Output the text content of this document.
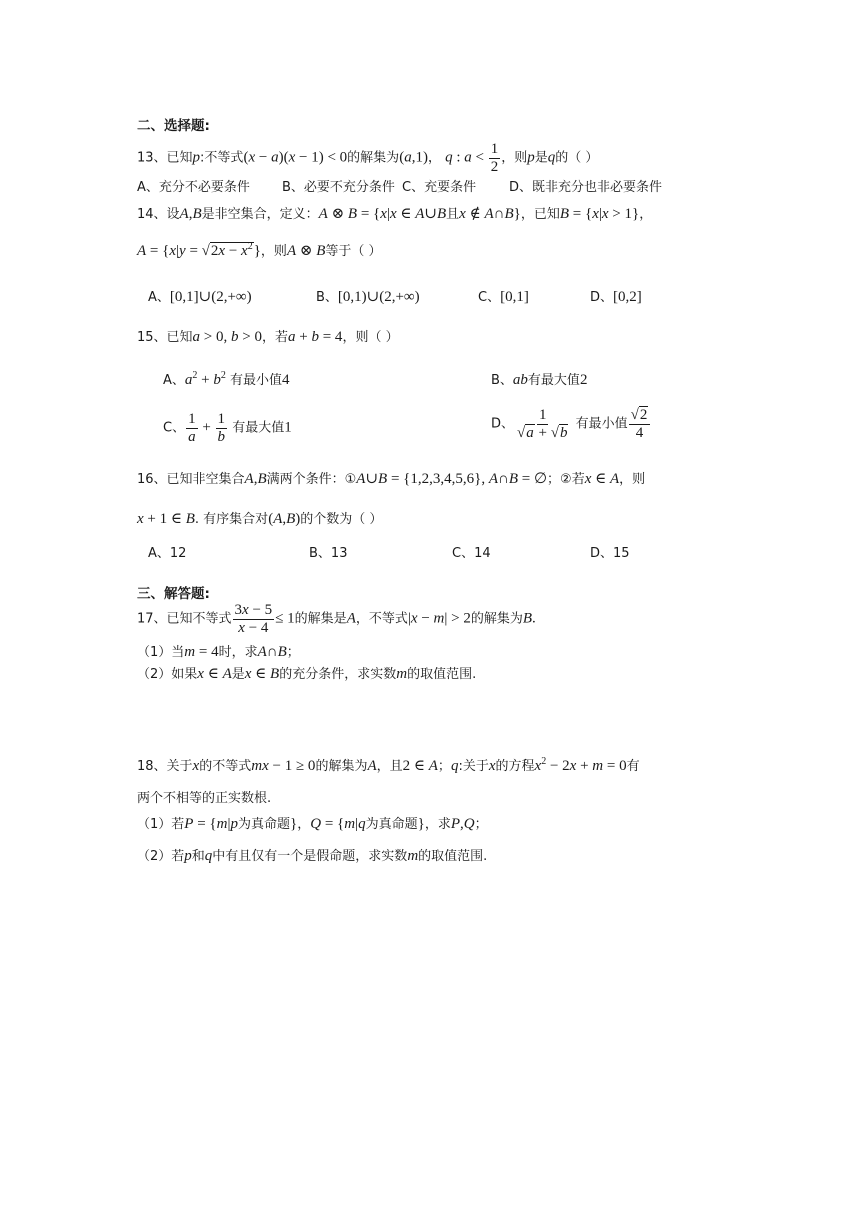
二、选择题:
13、已知p:不等式(x − a)(x − 1) < 0的解集为(a,1)， q : $a < \frac{1}{2}$ ，则p是q的（ ）
A、充分不必要条件 B、必要不充分条件 C、充要条件	D、既非充分也非必要条件
14、设A,B是非空集合，定义：A ⊗ B = {x|x ∈ A∪B且x ∉ A∩B}，已知B = {x|x > 1}，
$A = \{x|y = √2x - x^2\}$，则A ⊗ B等于（ ）
A、[0,1]∪(2,+∞)	B、[0,1)∪(2,+∞)	C、[0,1]	D、[0,2]
15、已知a > 0, b > 0，若a + b = 4，则（ ）
A、$a^2 + b^2$ 有最小值4	B、ab有最大值2
C、 $\frac{1}{a} + \frac{1}{b}$ 有最大值1	D、 $\frac{1}{√a + √b}$ 有最小值 $\frac{√2}{4}$
16、已知非空集合A,B满两个条件：①A∪B = {1,2,3,4,5,6}, A∩B = ∅；②若x ∈ A，则
x + 1 ∈ B. 有序集合对(A,B)的个数为（ ）
A、12	B、13	C、14	D、15
三、解答题:
17、已知不等式 $\frac{3x - 5}{x - 4} \le 1$的解集是A，不等式|x − m| > 2的解集为B.
（1）当m = 4时，求A∩B；
（2）如果x ∈ A是x ∈ B的充分条件，求实数m的取值范围.
18、关于x的不等式mx − 1 ≥ 0的解集为A，且2 ∈ A；q:关于x的方程$x^2 - 2x + m = 0$有
两个不相等的正实数根.
（1）若P = {m|p为真命题}，Q = {m|q为真命题}，求P,Q；
（2）若p和q中有且仅有一个是假命题，求实数m的取值范围.
